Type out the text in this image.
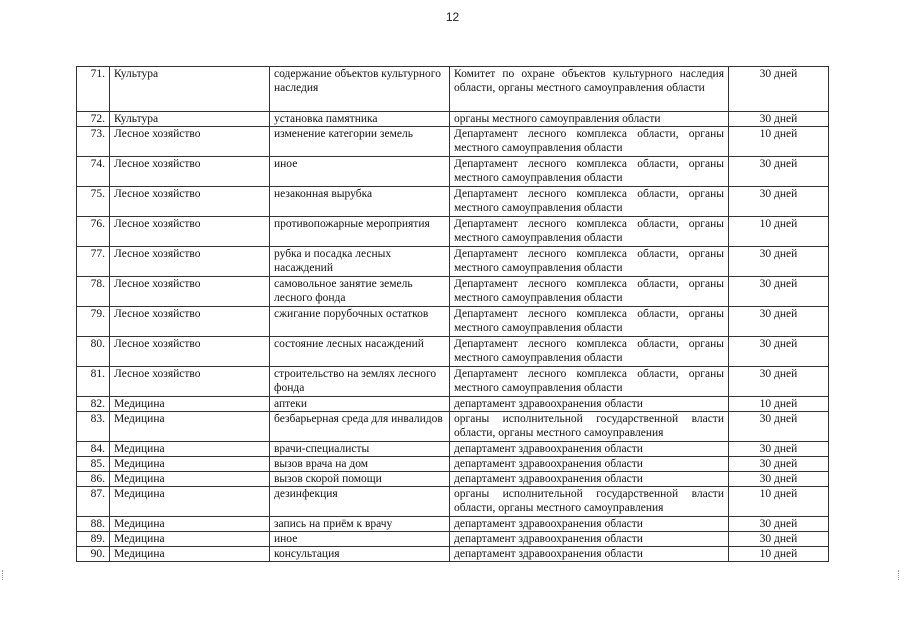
12
71.	Культура	содержание объектов культурного наследия	Комитет по охране объектов культурного наследия области, органы местного самоуправления области	30 дней
72.	Культура	установка памятника	органы местного самоуправления области	30 дней
73.	Лесное хозяйство	изменение категории земель	Департамент лесного комплекса области, органы местного самоуправления области	10 дней
74.	Лесное хозяйство	иное	Департамент лесного комплекса области, органы местного самоуправления области	30 дней
75.	Лесное хозяйство	незаконная вырубка	Департамент лесного комплекса области, органы местного самоуправления области	30 дней
76.	Лесное хозяйство	противопожарные мероприятия	Департамент лесного комплекса области, органы местного самоуправления области	10 дней
77.	Лесное хозяйство	рубка и посадка лесных насаждений	Департамент лесного комплекса области, органы местного самоуправления области	30 дней
78.	Лесное хозяйство	самовольное занятие земель лесного фонда	Департамент лесного комплекса области, органы местного самоуправления области	30 дней
79.	Лесное хозяйство	сжигание порубочных остатков	Департамент лесного комплекса области, органы местного самоуправления области	30 дней
80.	Лесное хозяйство	состояние лесных насаждений	Департамент лесного комплекса области, органы местного самоуправления области	30 дней
81.	Лесное хозяйство	строительство на землях лесного фонда	Департамент лесного комплекса области, органы местного самоуправления области	30 дней
82.	Медицина	аптеки	департамент здравоохранения области	10 дней
83.	Медицина	безбарьерная среда для инвалидов	органы исполнительной государственной власти области, органы местного самоуправления	30 дней
84.	Медицина	врачи-специалисты	департамент здравоохранения области	30 дней
85.	Медицина	вызов врача на дом	департамент здравоохранения области	30 дней
86.	Медицина	вызов скорой помощи	департамент здравоохранения области	30 дней
87.	Медицина	дезинфекция	органы исполнительной государственной власти области, органы местного самоуправления	10 дней
88.	Медицина	запись на приём к врачу	департамент здравоохранения области	30 дней
89.	Медицина	иное	департамент здравоохранения области	30 дней
90.	Медицина	консультация	департамент здравоохранения области	10 дней
